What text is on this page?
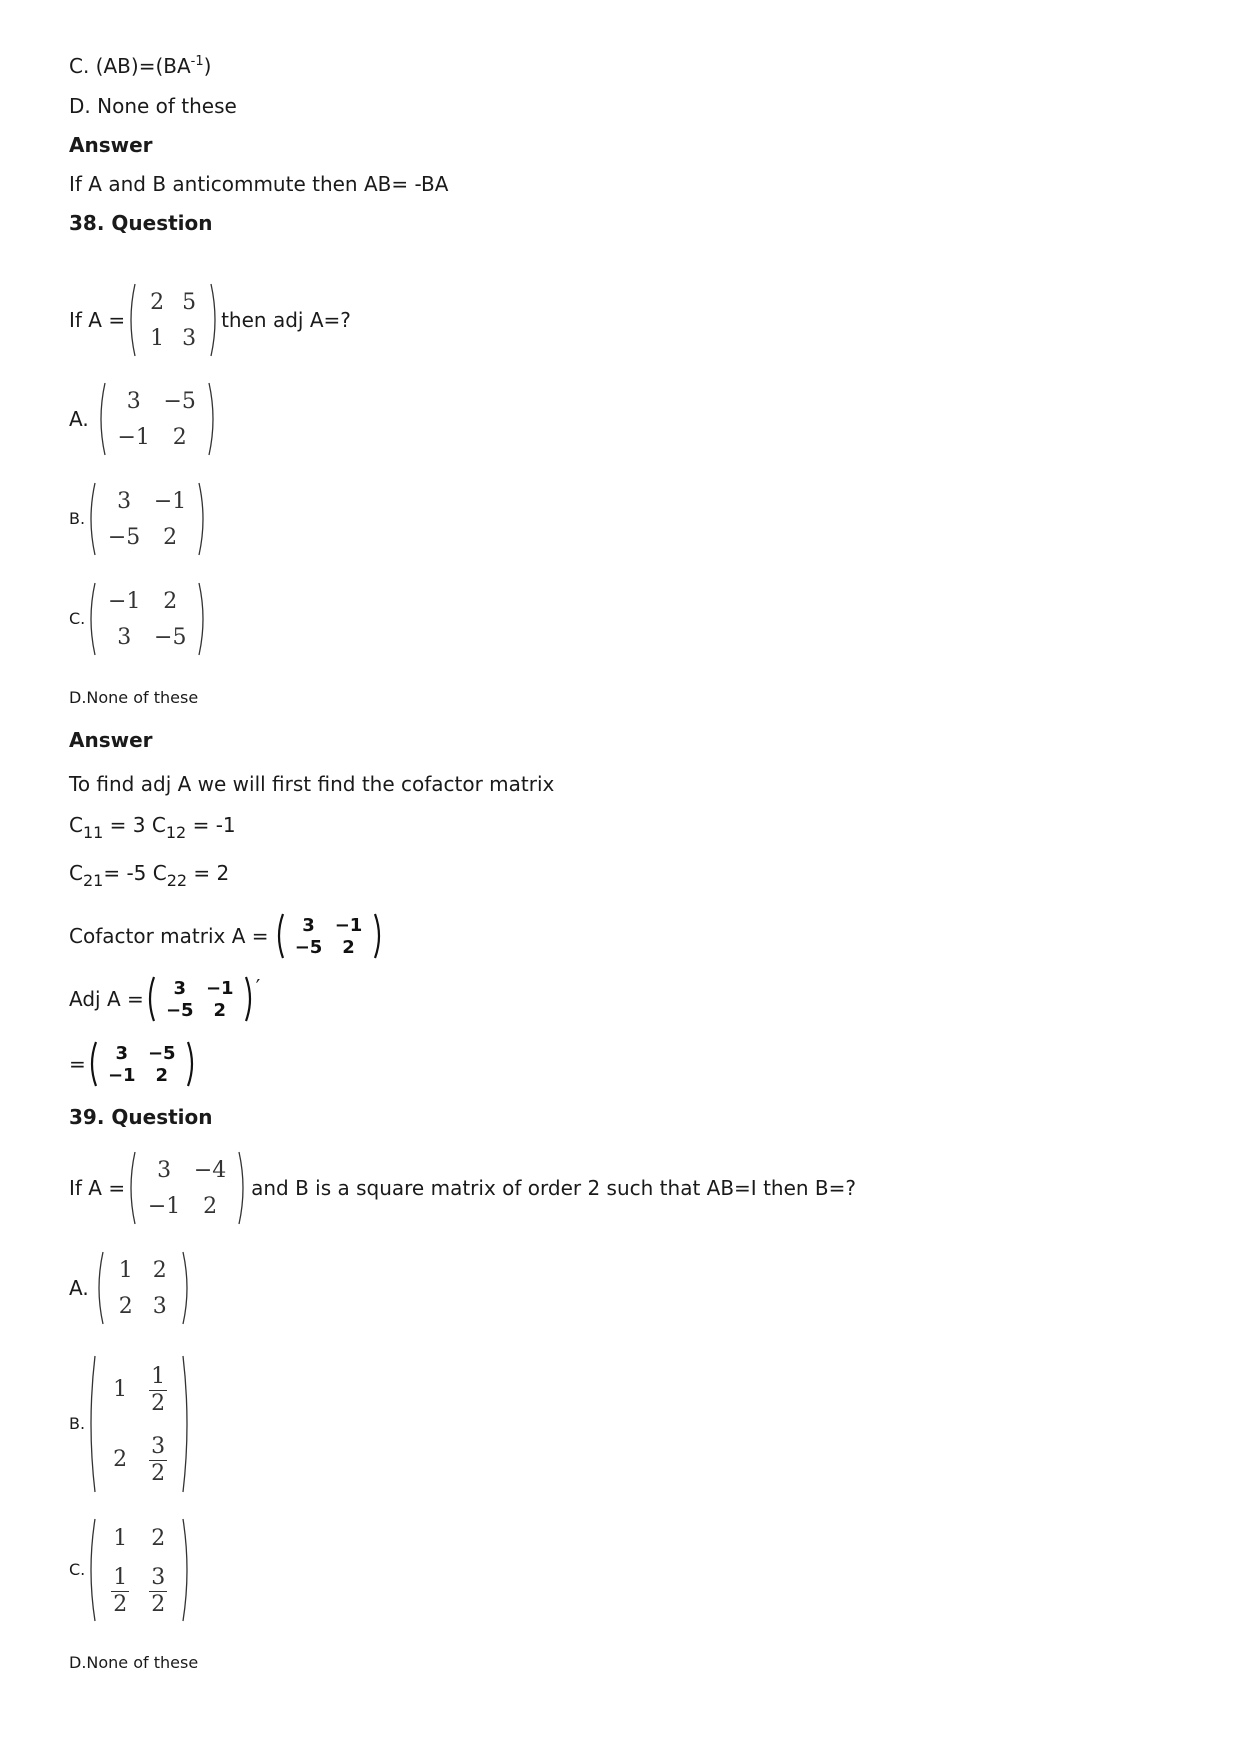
C. $(AB)=(BA^{-1})$
D. None of these
Answer
If A and B anticommute then AB= -BA
38. Question
If A =
2	5
1	3
then adj A=?
A.
3	−5
−1	2
B.
3	−1
−5	2
C.
−1	2
3	−5
D.None of these
Answer
To find adj A we will first find the cofactor matrix
$C_{11} = 3$ $C_{12} = -1$
$C_{21}= -5$ $C_{22} = 2$
Cofactor matrix A = 3	−1
−5	2
Adj A = 3	−1
−5	2
′
= 3	−5
−1	2
39. Question
If A =
3	−4
−1	2
and B is a square matrix of order 2 such that AB=I then B=?
A.
1	2
2	3
B.
1	$\frac{1}{2}$

2	$\frac{3}{2}$
C.
1	2

$\frac{1}{2}$	$\frac{3}{2}$
D.None of these
